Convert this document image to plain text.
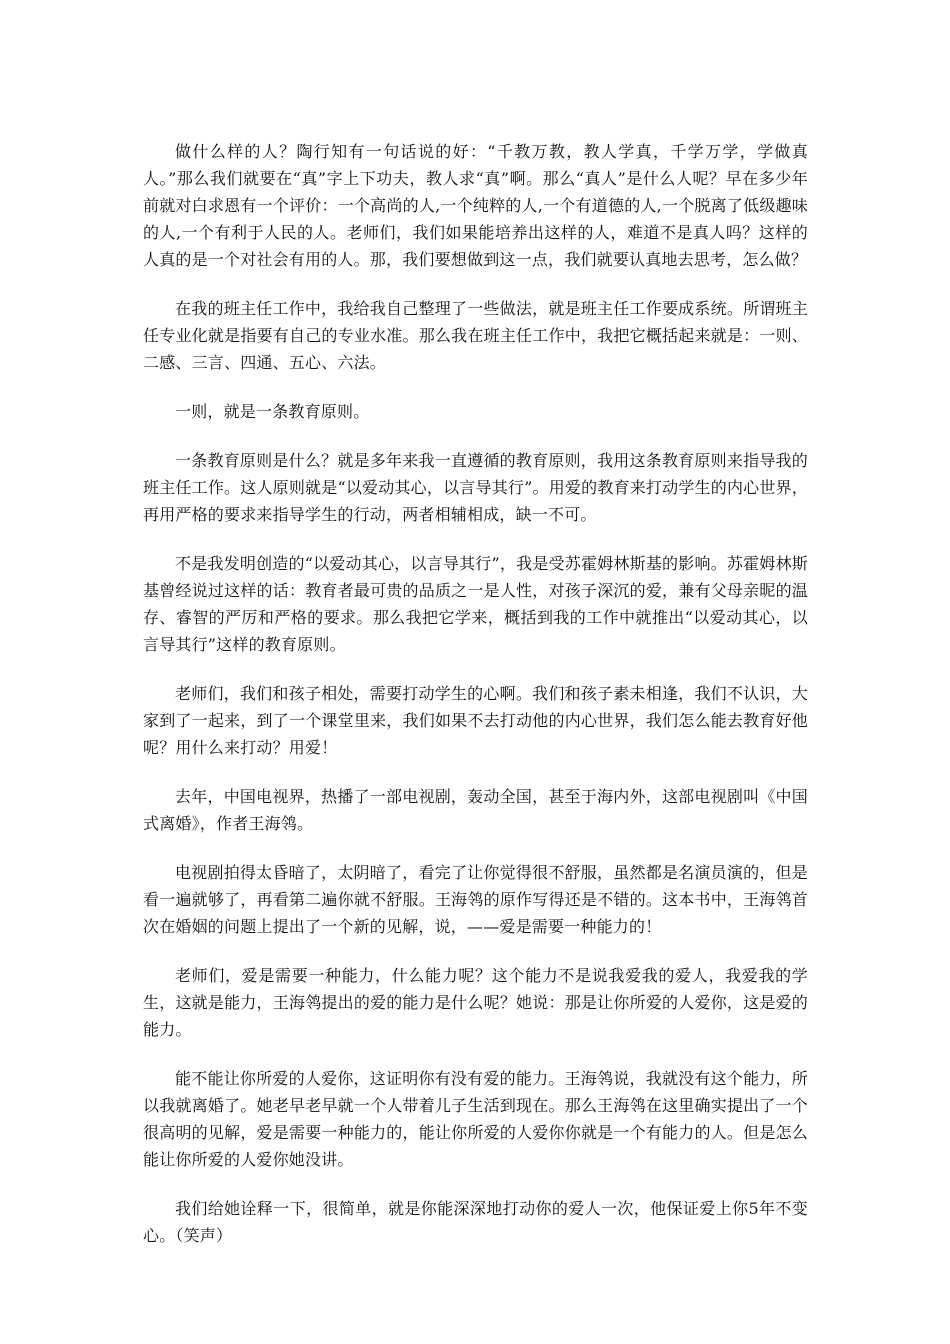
做什么样的人？陶行知有一句话说的好：“千教万教，教人学真，千学万学，学做真人。”那么我们就要在“真”字上下功夫，教人求“真”啊。那么“真人”是什么人呢？早在多少年前就对白求恩有一个评价：一个高尚的人,一个纯粹的人,一个有道德的人,一个脱离了低级趣味的人,一个有利于人民的人。老师们，我们如果能培养出这样的人，难道不是真人吗？这样的人真的是一个对社会有用的人。那，我们要想做到这一点，我们就要认真地去思考，怎么做？

在我的班主任工作中，我给我自己整理了一些做法，就是班主任工作要成系统。所谓班主任专业化就是指要有自己的专业水准。那么我在班主任工作中，我把它概括起来就是：一则、二感、三言、四通、五心、六法。

一则，就是一条教育原则。

一条教育原则是什么？就是多年来我一直遵循的教育原则，我用这条教育原则来指导我的班主任工作。这人原则就是“以爱动其心，以言导其行”。用爱的教育来打动学生的内心世界，再用严格的要求来指导学生的行动，两者相辅相成，缺一不可。

不是我发明创造的“以爱动其心，以言导其行”，我是受苏霍姆林斯基的影响。苏霍姆林斯基曾经说过这样的话：教育者最可贵的品质之一是人性，对孩子深沉的爱，兼有父母亲昵的温存、睿智的严厉和严格的要求。那么我把它学来，概括到我的工作中就推出“以爱动其心，以言导其行”这样的教育原则。

老师们，我们和孩子相处，需要打动学生的心啊。我们和孩子素未相逢，我们不认识，大家到了一起来，到了一个课堂里来，我们如果不去打动他的内心世界，我们怎么能去教育好他呢？用什么来打动？用爱！

去年，中国电视界，热播了一部电视剧，轰动全国，甚至于海内外，这部电视剧叫《中国式离婚》，作者王海鸰。

电视剧拍得太昏暗了，太阴暗了，看完了让你觉得很不舒服，虽然都是名演员演的，但是看一遍就够了，再看第二遍你就不舒服。王海鸰的原作写得还是不错的。这本书中，王海鸰首次在婚姻的问题上提出了一个新的见解，说，——爱是需要一种能力的！

老师们，爱是需要一种能力，什么能力呢？这个能力不是说我爱我的爱人，我爱我的学生，这就是能力，王海鸰提出的爱的能力是什么呢？她说：那是让你所爱的人爱你，这是爱的能力。

能不能让你所爱的人爱你，这证明你有没有爱的能力。王海鸰说，我就没有这个能力，所以我就离婚了。她老早老早就一个人带着儿子生活到现在。那么王海鸰在这里确实提出了一个很高明的见解，爱是需要一种能力的，能让你所爱的人爱你你就是一个有能力的人。但是怎么能让你所爱的人爱你她没讲。

我们给她诠释一下，很简单，就是你能深深地打动你的爱人一次，他保证爱上你5年不变心。（笑声）
